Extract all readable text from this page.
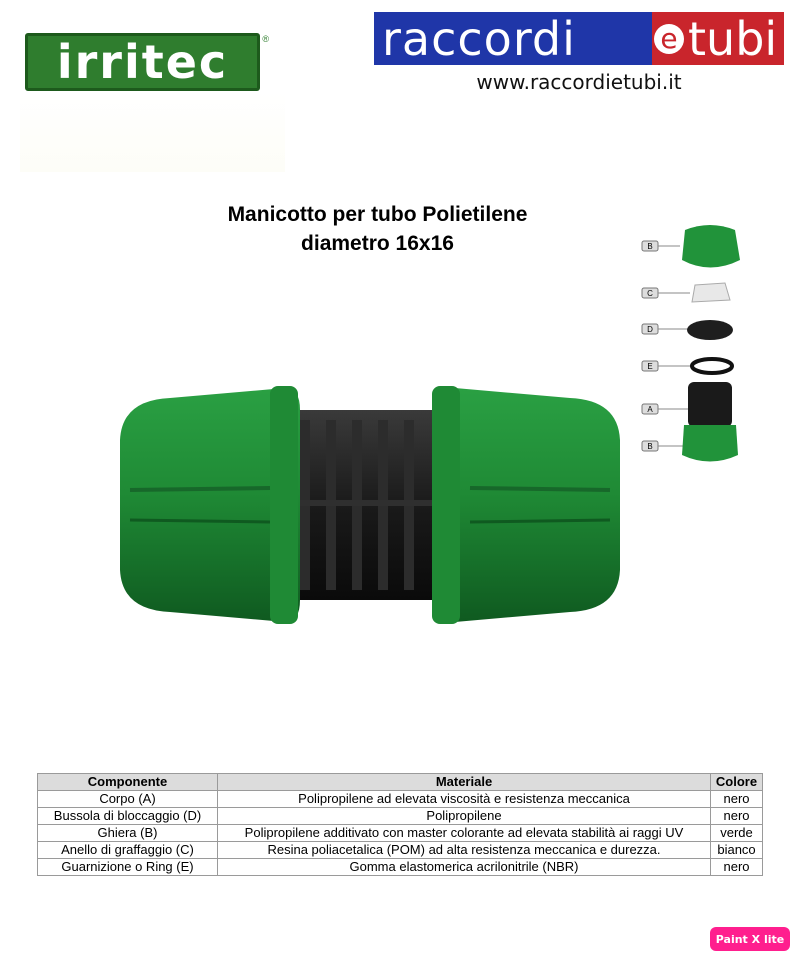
irritec	® raccordi	e tubi
www.raccordietubi.it
Manicotto per tubo Polietilene
diametro 16x16	B
C
D
E
A
B
Componente	Materiale	Colore
Corpo (A)	Polipropilene ad elevata viscosità e resistenza meccanica	nero
Bussola di bloccaggio (D)	Polipropilene	nero
Ghiera (B)	Polipropilene additivato con master colorante ad elevata stabilità ai raggi UV	verde
Anello di graffaggio (C)	Resina poliacetalica (POM) ad alta resistenza meccanica e durezza.	bianco
Guarnizione o Ring (E)	Gomma elastomerica acrilonitrile (NBR)	nero
Paint X lite
